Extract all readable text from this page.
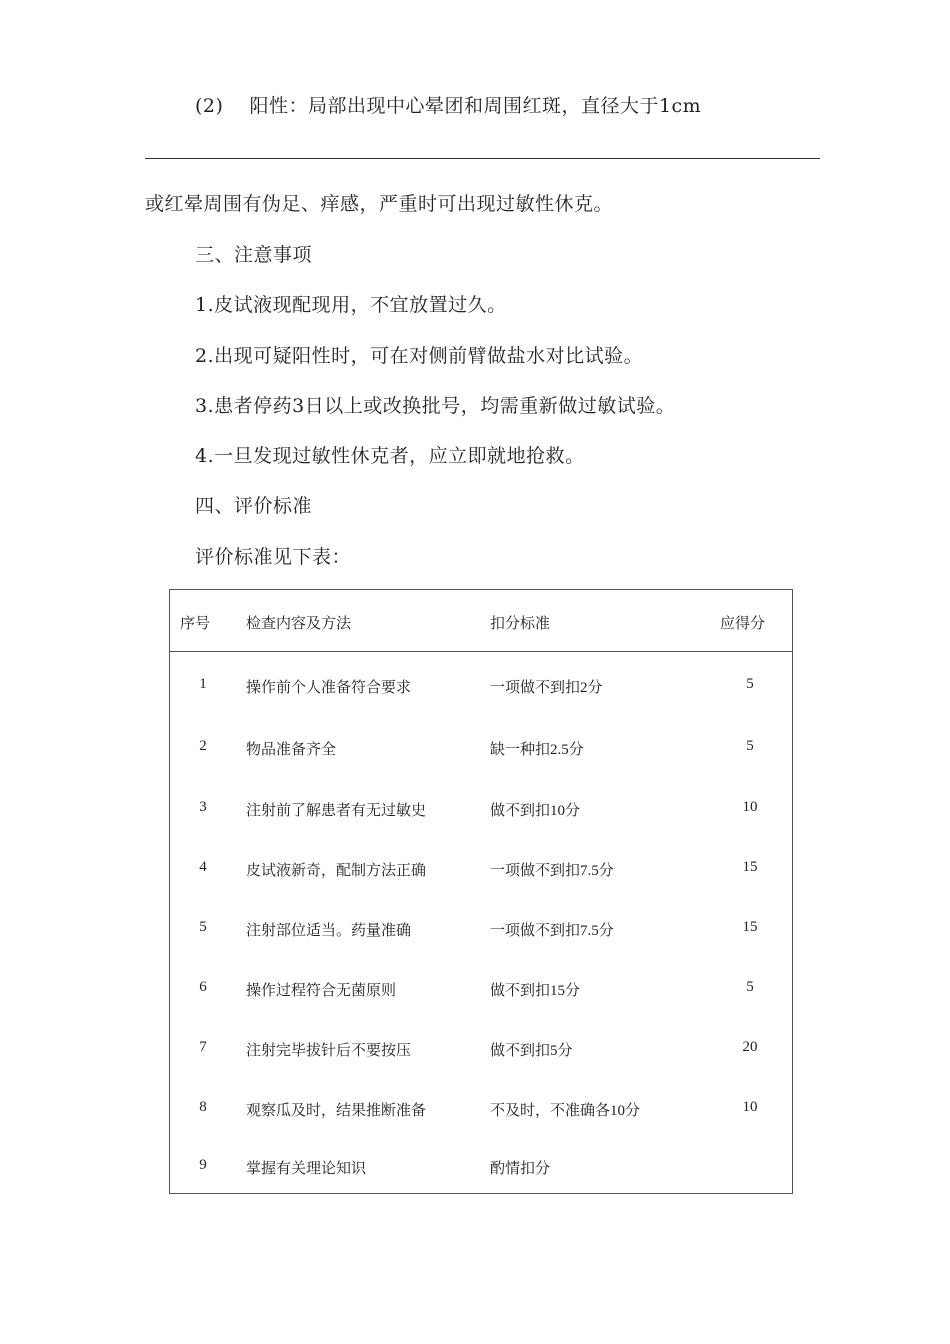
(2)　 阳性：局部出现中心晕团和周围红斑，直径大于1cm
或红晕周围有伪足、痒感，严重时可出现过敏性休克。
三、注意事项
1.皮试液现配现用，不宜放置过久。
2.出现可疑阳性时，可在对侧前臂做盐水对比试验。
3.患者停药3日以上或改换批号，均需重新做过敏试验。
4.一旦发现过敏性休克者，应立即就地抢救。
四、评价标准
评价标准见下表：
序号 检查内容及方法	扣分标准	应得分
1	操作前个人准备符合要求	一项做不到扣2分	5
2	物品准备齐全	缺一种扣2.5分	5
3	注射前了解患者有无过敏史	做不到扣10分	10
4	皮试液新奇，配制方法正确	一项做不到扣7.5分	15
5	注射部位适当。药量准确	一项做不到扣7.5分	15
6	操作过程符合无菌原则	做不到扣15分	5
7	注射完毕拔针后不要按压	做不到扣5分	20
8	观察瓜及时，结果推断准备	不及时，不准确各10分	10
9	掌握有关理论知识	酌情扣分
